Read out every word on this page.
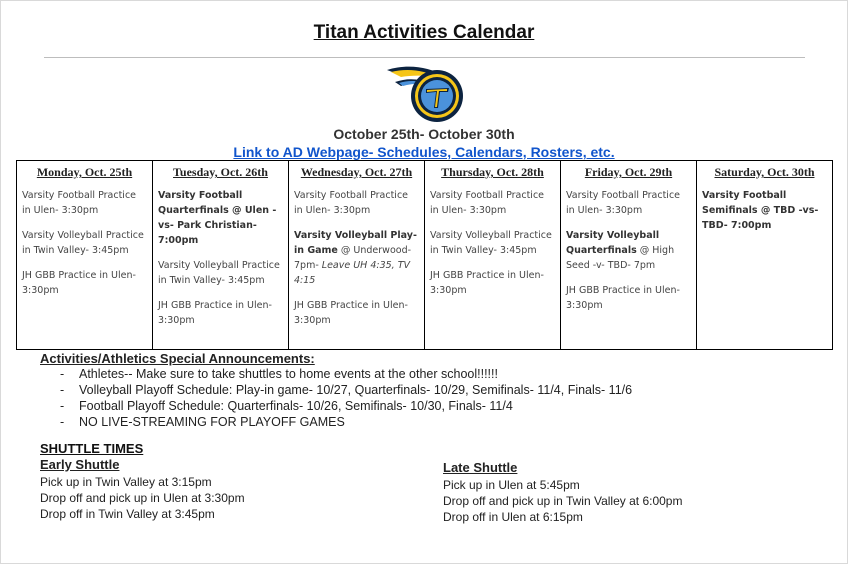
Titan Activities Calendar
October 25th- October 30th
Link to AD Webpage- Schedules, Calendars, Rosters, etc.
Monday, Oct. 25th
Varsity Football Practice in Ulen- 3:30pm
Varsity Volleyball Practice in Twin Valley- 3:45pm
JH GBB Practice in Ulen- 3:30pm

Tuesday, Oct. 26th
Varsity Football Quarterfinals @ Ulen -vs- Park Christian- 7:00pm
Varsity Volleyball Practice in Twin Valley- 3:45pm
JH GBB Practice in Ulen- 3:30pm

Wednesday, Oct. 27th
Varsity Football Practice in Ulen- 3:30pm
Varsity Volleyball Play-in Game @ Underwood- 7pm- Leave UH 4:35, TV 4:15
JH GBB Practice in Ulen- 3:30pm

Thursday, Oct. 28th
Varsity Football Practice in Ulen- 3:30pm
Varsity Volleyball Practice in Twin Valley- 3:45pm
JH GBB Practice in Ulen- 3:30pm

Friday, Oct. 29th
Varsity Football Practice in Ulen- 3:30pm
Varsity Volleyball Quarterfinals @ High Seed -v- TBD- 7pm
JH GBB Practice in Ulen- 3:30pm

Saturday, Oct. 30th
Varsity Football Semifinals @ TBD -vs- TBD- 7:00pm
Activities/Athletics Special Announcements:
- Athletes-- Make sure to take shuttles to home events at the other school!!!!!!
- Volleyball Playoff Schedule: Play-in game- 10/27, Quarterfinals- 10/29, Semifinals- 11/4, Finals- 11/6
- Football Playoff Schedule: Quarterfinals- 10/26, Semifinals- 10/30, Finals- 11/4
- NO LIVE-STREAMING FOR PLAYOFF GAMES
SHUTTLE TIMES
Early Shuttle
Pick up in Twin Valley at 3:15pm
Drop off and pick up in Ulen at 3:30pm
Drop off in Twin Valley at 3:45pm
Late Shuttle
Pick up in Ulen at 5:45pm
Drop off and pick up in Twin Valley at 6:00pm
Drop off in Ulen at 6:15pm
